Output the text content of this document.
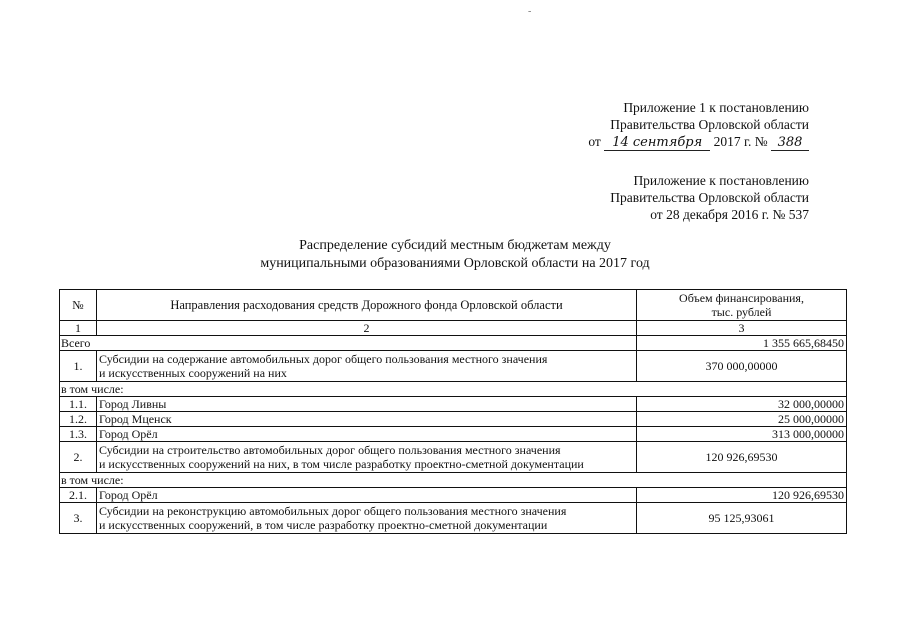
-
Приложение 1 к постановлению
Правительства Орловской области
от 14 сентября 2017 г. № 388
Приложение к постановлению
Правительства Орловской области
от 28 декабря 2016 г. № 537
Распределение субсидий местным бюджетам между
муниципальными образованиями Орловской области на 2017 год
№	Направления расходования средств Дорожного фонда Орловской области	Объем финансирования,
тыс. рублей

1	2	3
Всего		1 355 665,68450
1.	Субсидии на содержание автомобильных дорог общего пользования местного значения
и искусственных сооружений на них	370 000,00000
в том числе:		
1.1.	Город Ливны	32 000,00000
1.2.	Город Мценск	25 000,00000
1.3.	Город Орёл	313 000,00000
2.	Субсидии на строительство автомобильных дорог общего пользования местного значения
и искусственных сооружений на них, в том числе разработку проектно-сметной документации	120 926,69530
в том числе:		
2.1.	Город Орёл	120 926,69530
3.	Субсидии на реконструкцию автомобильных дорог общего пользования местного значения
и искусственных сооружений, в том числе разработку проектно-сметной документации	95 125,93061
